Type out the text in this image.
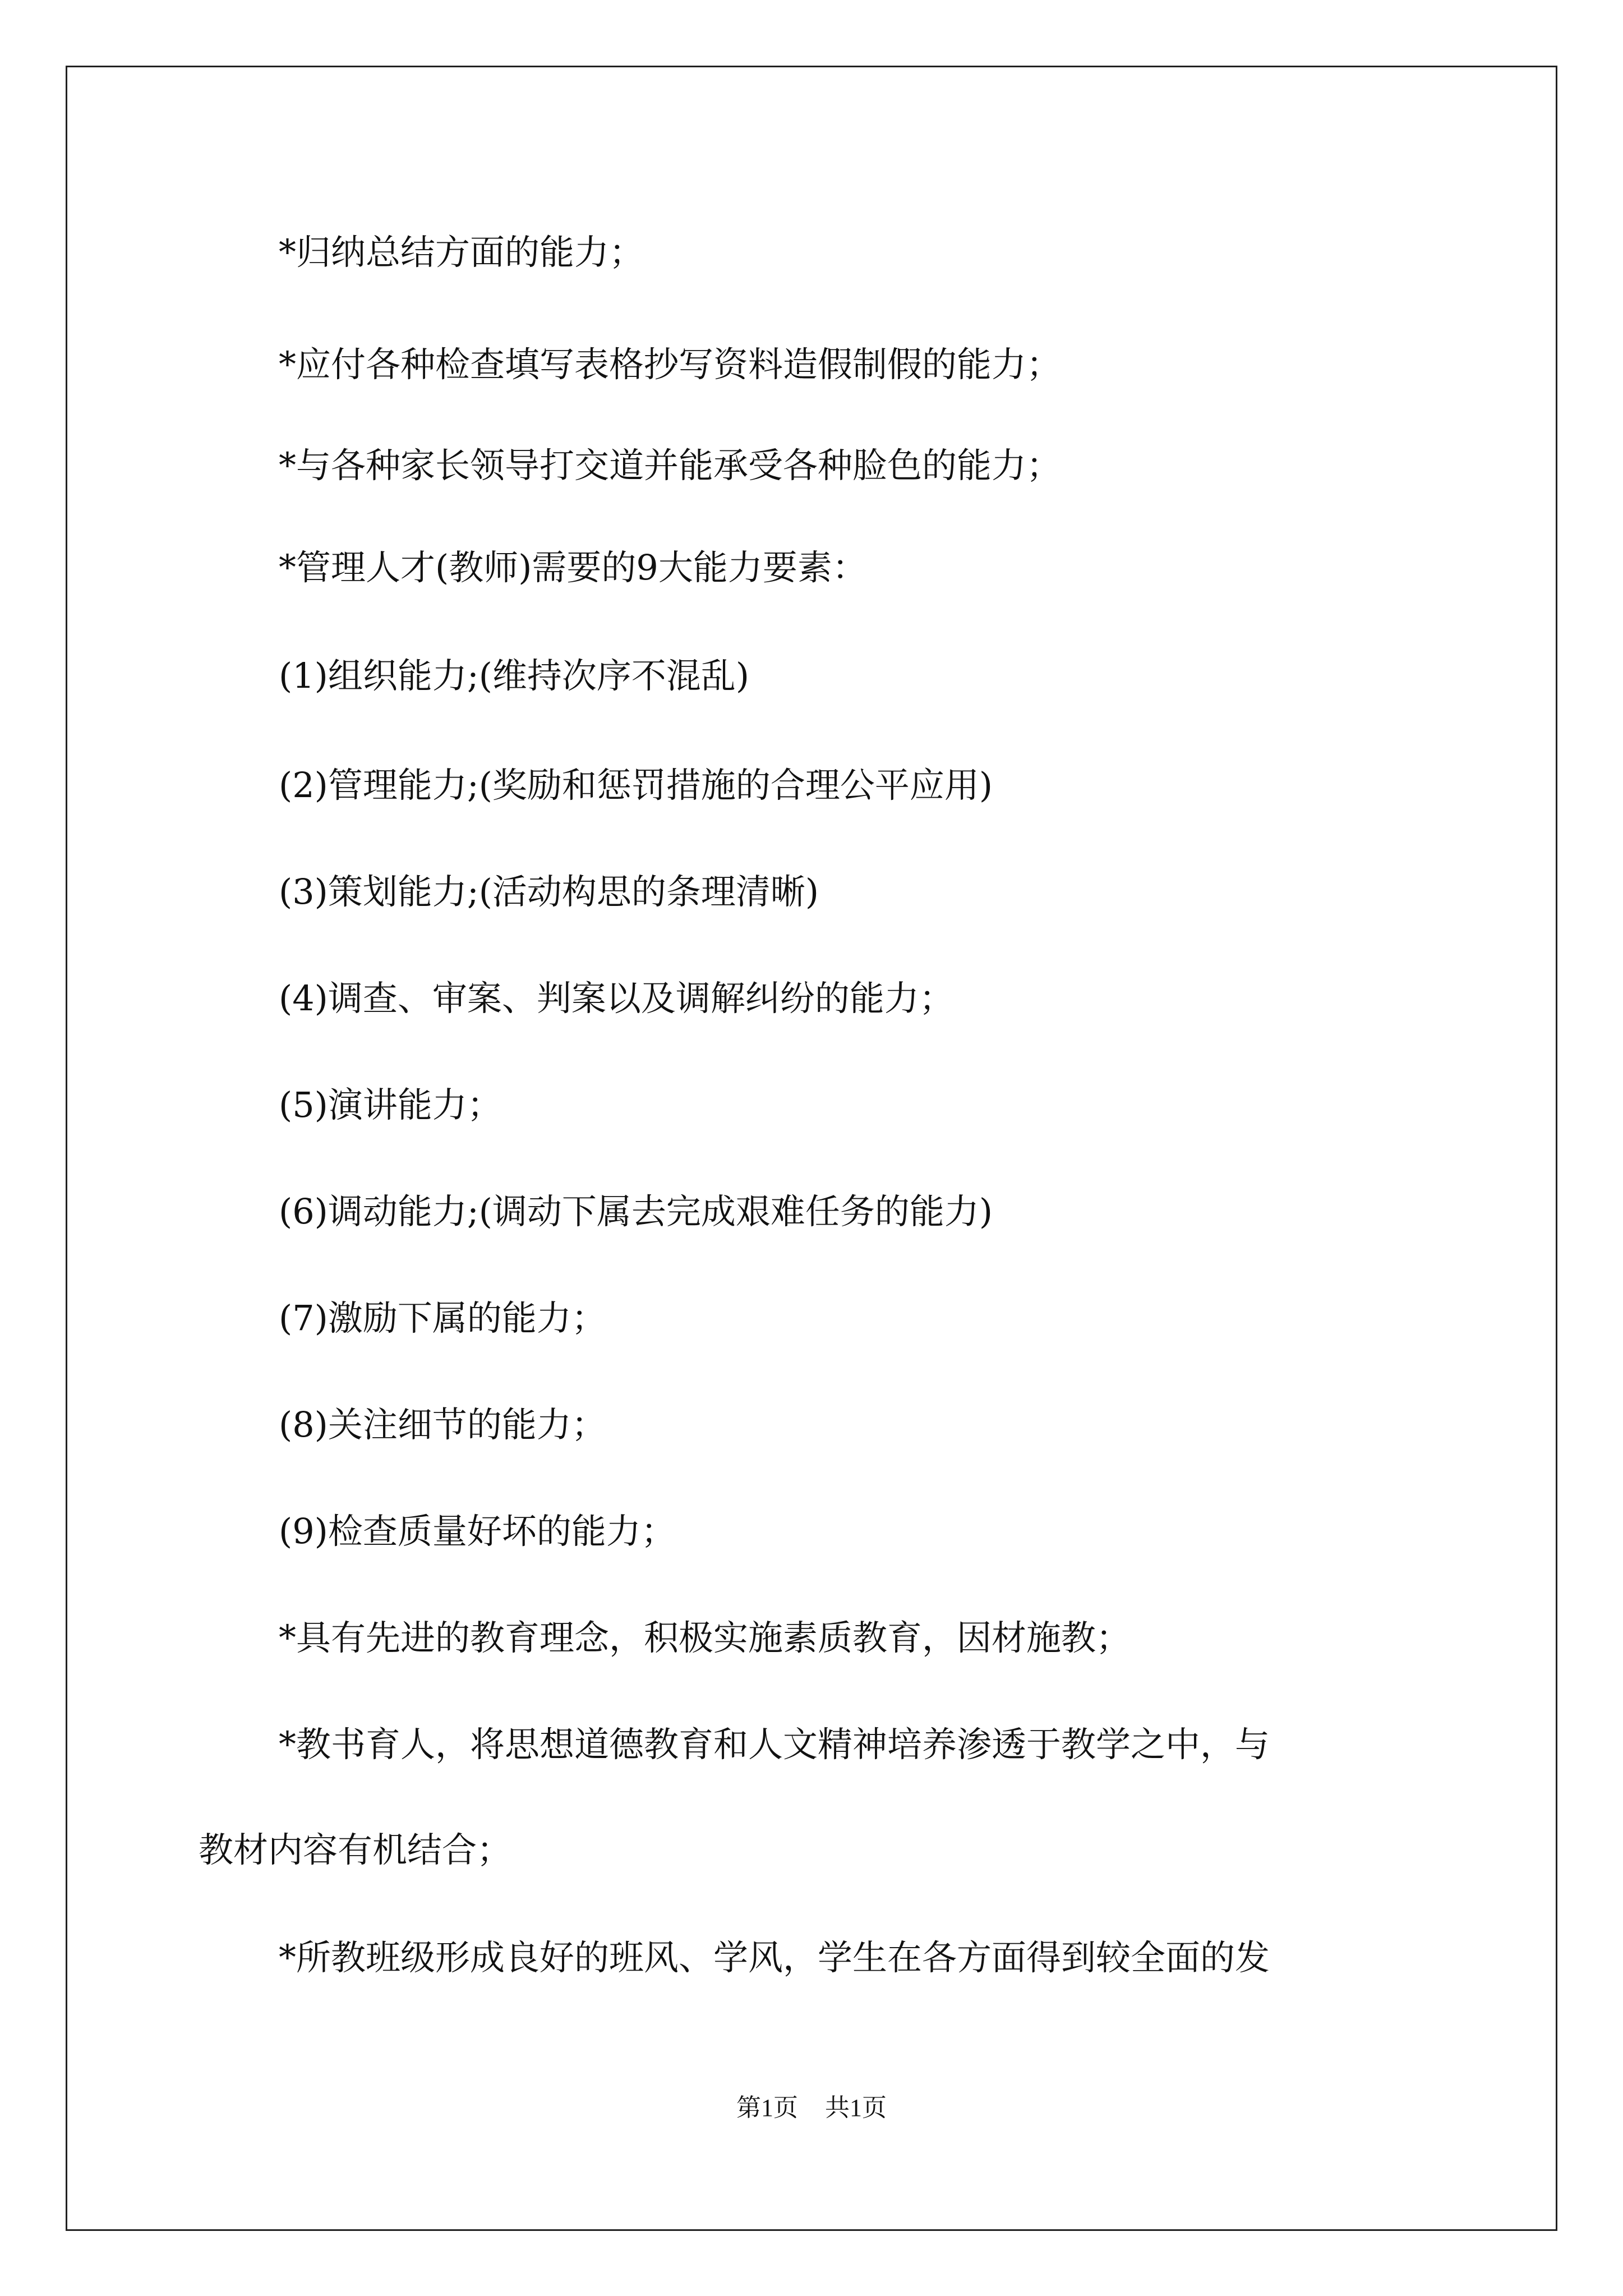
*归纳总结方面的能力；
*应付各种检查填写表格抄写资料造假制假的能力；
*与各种家长领导打交道并能承受各种脸色的能力；
*管理人才(教师)需要的9大能力要素：
(1)组织能力;(维持次序不混乱)
(2)管理能力;(奖励和惩罚措施的合理公平应用)
(3)策划能力;(活动构思的条理清晰)
(4)调查、审案、判案以及调解纠纷的能力；
(5)演讲能力；
(6)调动能力;(调动下属去完成艰难任务的能力)
(7)激励下属的能力；
(8)关注细节的能力；
(9)检查质量好坏的能力；
*具有先进的教育理念，积极实施素质教育，因材施教；
*教书育人，将思想道德教育和人文精神培养渗透于教学之中，与
教材内容有机结合；
*所教班级形成良好的班风、学风，学生在各方面得到较全面的发
第1页 共1页
